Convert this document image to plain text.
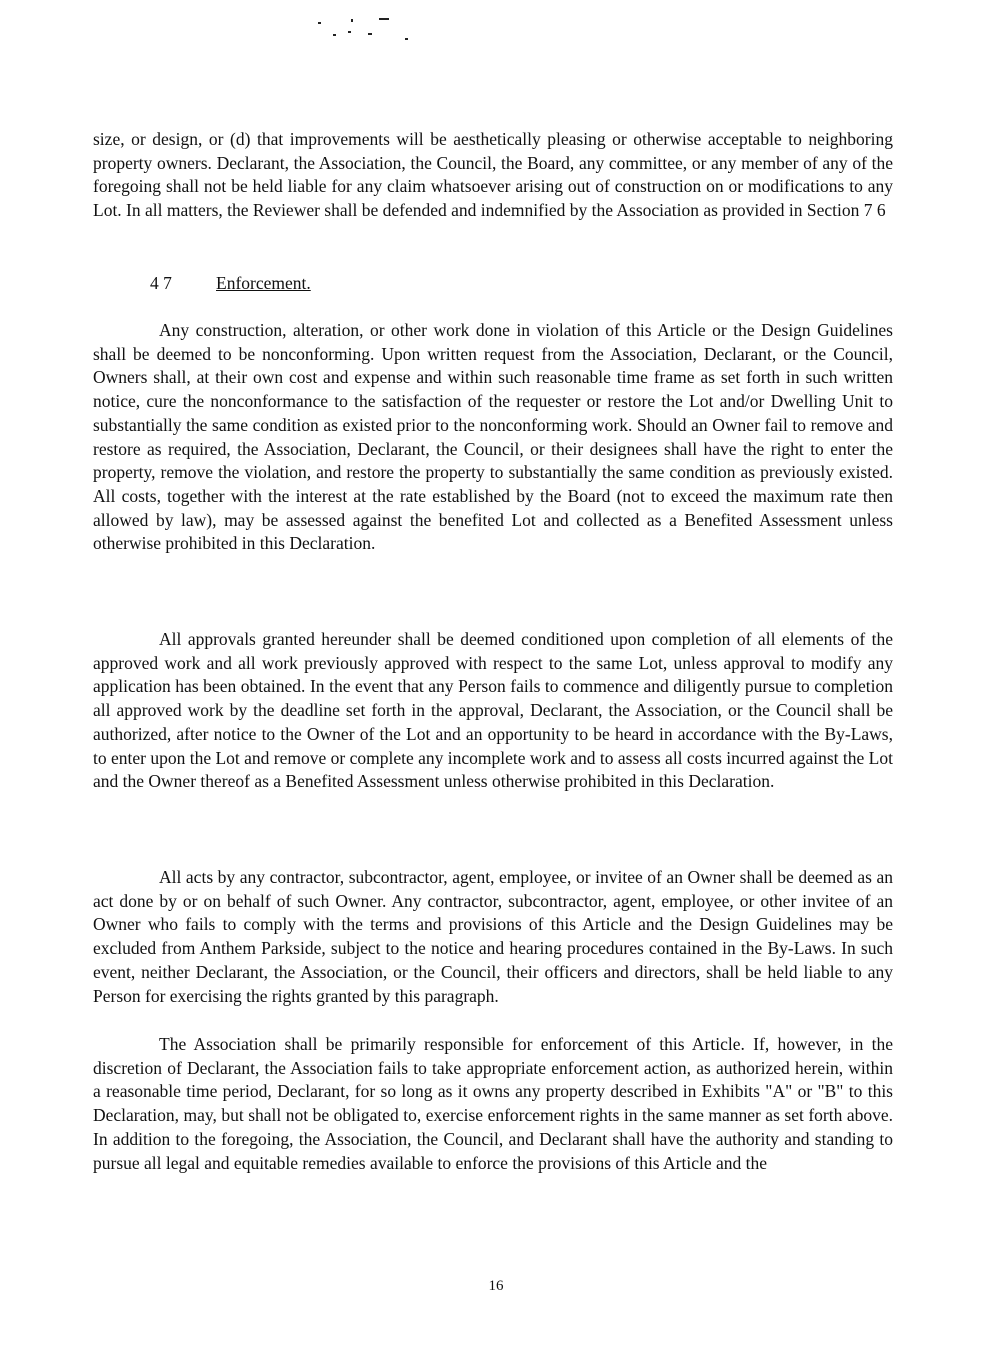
size, or design, or (d) that improvements will be aesthetically pleasing or otherwise acceptable to neighboring property owners. Declarant, the Association, the Council, the Board, any committee, or any member of any of the foregoing shall not be held liable for any claim whatsoever arising out of construction on or modifications to any Lot. In all matters, the Reviewer shall be defended and indemnified by the Association as provided in Section 7 6

4 7	Enforcement.

Any construction, alteration, or other work done in violation of this Article or the Design Guidelines shall be deemed to be nonconforming. Upon written request from the Association, Declarant, or the Council, Owners shall, at their own cost and expense and within such reasonable time frame as set forth in such written notice, cure the nonconformance to the satisfaction of the requester or restore the Lot and/or Dwelling Unit to substantially the same condition as existed prior to the nonconforming work. Should an Owner fail to remove and restore as required, the Association, Declarant, the Council, or their designees shall have the right to enter the property, remove the violation, and restore the property to substantially the same condition as previously existed. All costs, together with the interest at the rate established by the Board (not to exceed the maximum rate then allowed by law), may be assessed against the benefited Lot and collected as a Benefited Assessment unless otherwise prohibited in this Declaration.

All approvals granted hereunder shall be deemed conditioned upon completion of all elements of the approved work and all work previously approved with respect to the same Lot, unless approval to modify any application has been obtained. In the event that any Person fails to commence and diligently pursue to completion all approved work by the deadline set forth in the approval, Declarant, the Association, or the Council shall be authorized, after notice to the Owner of the Lot and an opportunity to be heard in accordance with the By-Laws, to enter upon the Lot and remove or complete any incomplete work and to assess all costs incurred against the Lot and the Owner thereof as a Benefited Assessment unless otherwise prohibited in this Declaration.

All acts by any contractor, subcontractor, agent, employee, or invitee of an Owner shall be deemed as an act done by or on behalf of such Owner. Any contractor, subcontractor, agent, employee, or other invitee of an Owner who fails to comply with the terms and provisions of this Article and the Design Guidelines may be excluded from Anthem Parkside, subject to the notice and hearing procedures contained in the By-Laws. In such event, neither Declarant, the Association, or the Council, their officers and directors, shall be held liable to any Person for exercising the rights granted by this paragraph.

The Association shall be primarily responsible for enforcement of this Article. If, however, in the discretion of Declarant, the Association fails to take appropriate enforcement action, as authorized herein, within a reasonable time period, Declarant, for so long as it owns any property described in Exhibits "A" or "B" to this Declaration, may, but shall not be obligated to, exercise enforcement rights in the same manner as set forth above. In addition to the foregoing, the Association, the Council, and Declarant shall have the authority and standing to pursue all legal and equitable remedies available to enforce the provisions of this Article and the

16
